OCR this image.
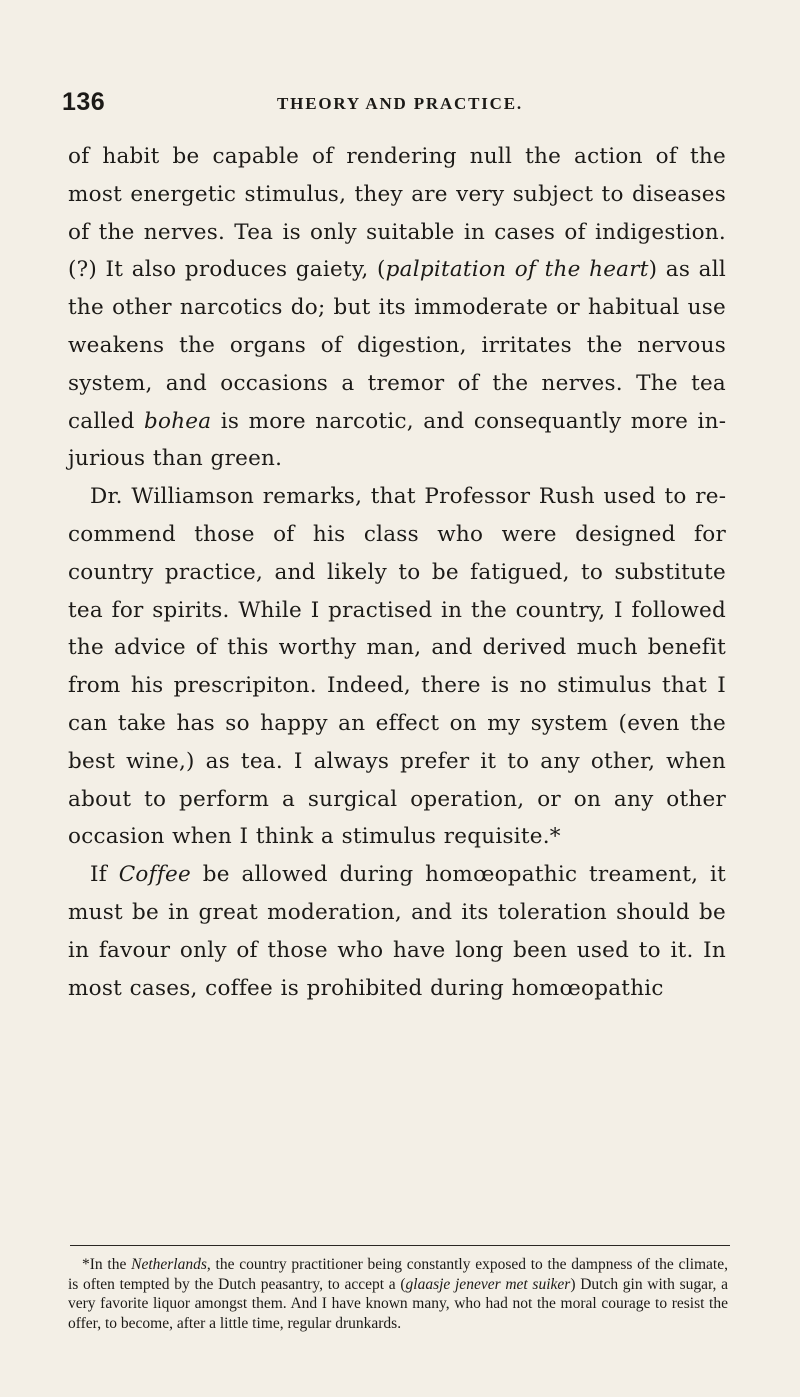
136	THEORY AND PRACTICE.

of habit be capable of rendering null the action of the most energetic stimulus, they are very subject to diseases of the nerves. Tea is only suitable in cases of indigestion.(?) It also produces gaiety, (palpitation of the heart) as all the other narcotics do; but its immoderate or habitual use weakens the organs of digestion, irritates the nervous system, and occasions a tremor of the nerves. The tea called bohea is more narcotic, and consequantly more injurious than green.

Dr. Williamson remarks, that Professor Rush used to recommend those of his class who were designed for country practice, and likely to be fatigued, to substitute tea for spirits. While I practised in the country, I followed the advice of this worthy man, and derived much benefit from his prescripiton. Indeed, there is no stimulus that I can take has so happy an effect on my system (even the best wine,) as tea. I always prefer it to any other, when about to perform a surgical operation, or on any other occasion when I think a stimulus requisite.*

If Coffee be allowed during homœopathic treament, it must be in great moderation, and its toleration should be in favour only of those who have long been used to it. In most cases, coffee is prohibited during homœopathic

*In the Netherlands, the country practitioner being constantly exposed to the dampness of the climate, is often tempted by the Dutch peasantry, to accept a (glaasje jenever met suiker) Dutch gin with sugar, a very favorite liquor amongst them. And I have known many, who had not the moral courage to resist the offer, to become, after a little time, regular drunkards.
